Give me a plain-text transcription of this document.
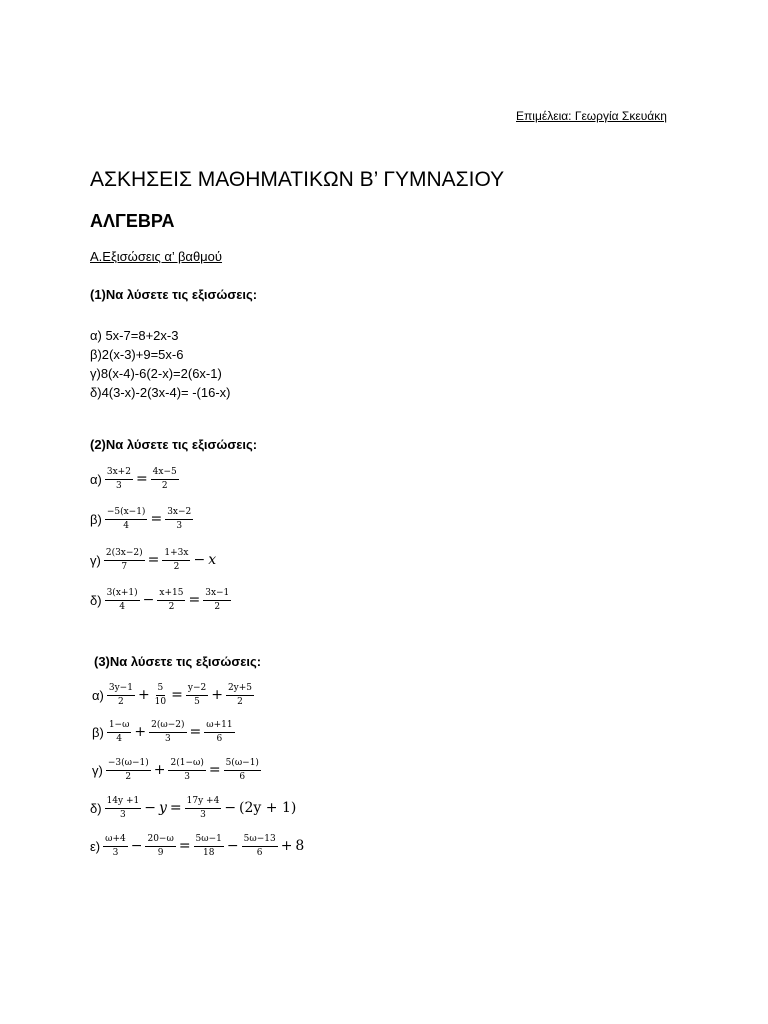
Επιμέλεια: Γεωργία Σκευάκη
ΑΣΚΗΣΕΙΣ ΜΑΘΗΜΑΤΙΚΩΝ Β’ ΓΥΜΝΑΣΙΟΥ
ΑΛΓΕΒΡΑ
Α.Εξισώσεις α’ βαθμού
(1)Να λύσετε τις εξισώσεις:
α) 5x-7=8+2x-3
β)2(x-3)+9=5x-6
γ)8(x-4)-6(2-x)=2(6x-1)
δ)4(3-x)-2(3x-4)= -(16-x)
(2)Να λύσετε τις εξισώσεις:
$\alpha) \frac{3x+2}{3} = \frac{4x-5}{2}$
$\beta) \frac{-5(x-1)}{4} = \frac{3x-2}{3}$
$\gamma) \frac{2(3x-2)}{7} = \frac{1+3x}{2} - x$
$\delta) \frac{3(x+1)}{4} - \frac{x+15}{2} = \frac{3x-1}{2}$
(3)Να λύσετε τις εξισώσεις:
$\alpha) \frac{3y-1}{2} + \frac{5}{10} = \frac{y-2}{5} + \frac{2y+5}{2}$
$\beta) \frac{1-\omega}{4} + \frac{2(\omega-2)}{3} = \frac{\omega+11}{6}$
$\gamma) \frac{-3(\omega-1)}{2} + \frac{2(1-\omega)}{3} = \frac{5(\omega-1)}{6}$
$\delta) \frac{14y +1}{3} - y = \frac{17y +4}{3} - (2y + 1)$
$\varepsilon) \frac{\omega+4}{3} - \frac{20-\omega}{9} = \frac{5\omega-1}{18} - \frac{5\omega-13}{6} + 8$
